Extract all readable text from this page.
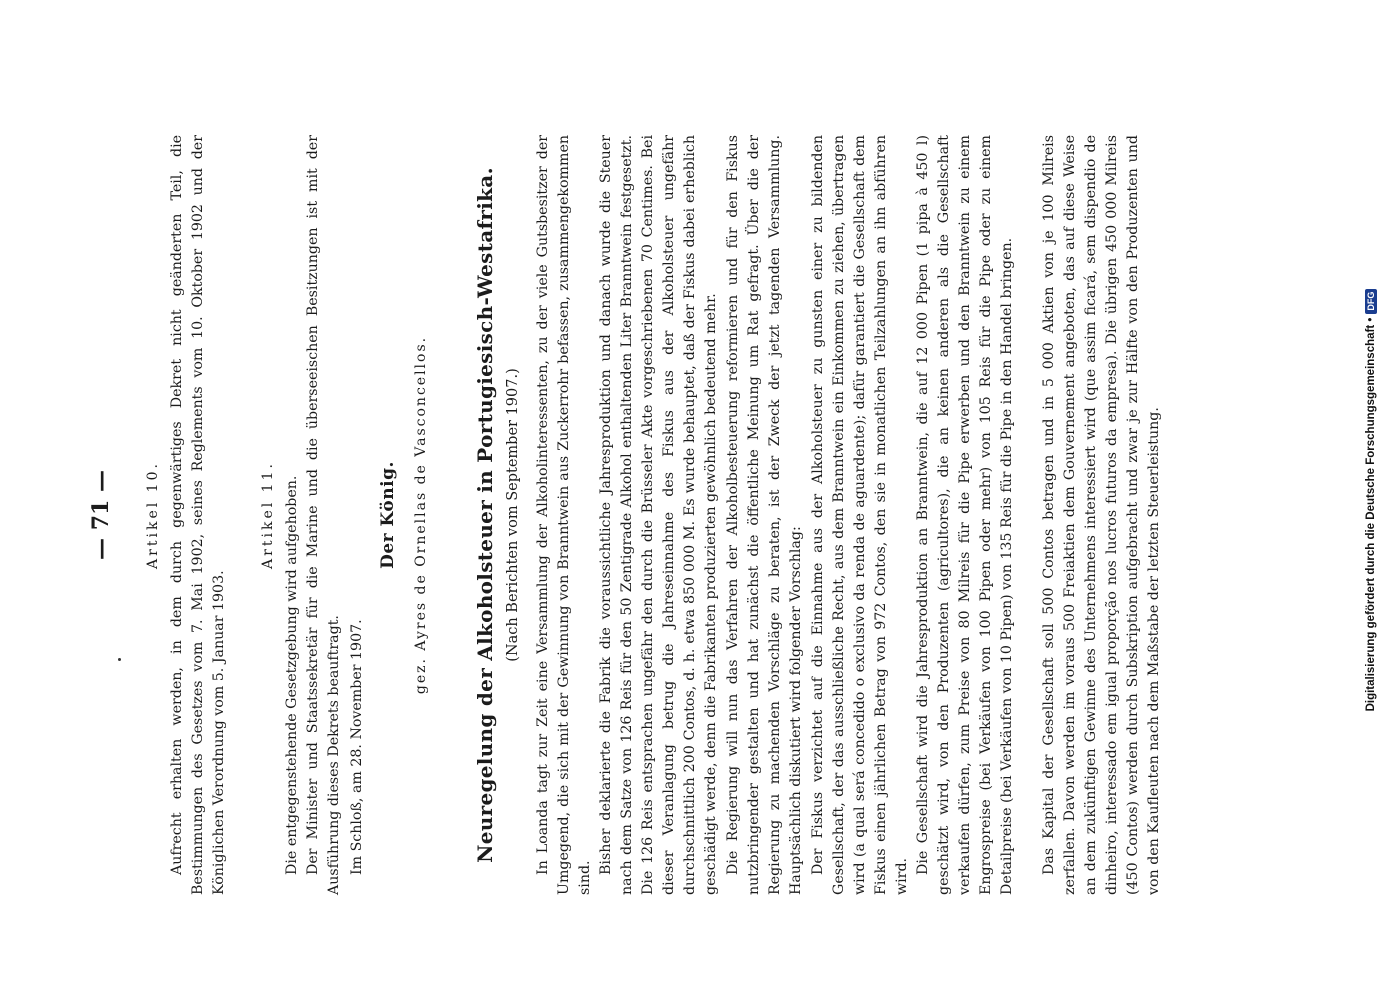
— 71 — Artikel 10. Aufrecht erhalten werden, in dem durch gegenwärtiges Dekret nicht geänderten Teil, die Bestimmungen des Gesetzes vom 7. Mai 1902, seines Reglements vom 10. Oktober 1902 und der Königlichen Verordnung vom 5. Januar 1903.
Artikel 11. Die entgegenstehende Gesetzgebung wird aufgehoben. Der Minister und Staatssekretär für die Marine und die überseeischen Besitzungen ist mit der Ausführung dieses Dekrets beauftragt. Im Schloß, am 28. November 1907.
Der König. gez. Ayres de Ornellas de Vasconcellos. Neuregelung der Alkoholsteuer in Portugiesisch-Westafrika. (Nach Berichten vom September 1907.) In Loanda tagt zur Zeit eine Versammlung der Alkoholinteressenten, zu der viele Gutsbesitzer der Umgegend, die sich mit der Gewinnung von Branntwein aus Zuckerrohr befassen, zusammengekommen sind.
Bisher deklarierte die Fabrik die voraussichtliche Jahresproduktion und danach wurde die Steuer nach dem Satze von 126 Reis für den 50 Zentigrade Alkohol enthaltenden Liter Branntwein festgesetzt. Die 126 Reis entsprachen ungefähr den durch die Brüsseler Akte vorgeschriebenen 70 Centimes. Bei dieser Veranlagung betrug die Jahreseinnahme des Fiskus aus der Alkoholsteuer ungefähr durchschnittlich 200 Contos, d. h. etwa 850 000 M. Es wurde behauptet, daß der Fiskus dabei erheblich geschädigt werde, denn die Fabrikanten produzierten gewöhnlich bedeutend mehr. Die Regierung will nun das Verfahren der Alkoholbesteuerung reformieren und für den Fiskus nutzbringender gestalten und hat zunächst die öffentliche Meinung um Rat gefragt. Über die der Regierung zu machenden Vorschläge zu beraten, ist der Zweck der jetzt tagenden Versammlung. Hauptsächlich diskutiert wird folgender Vorschlag: Der Fiskus verzichtet auf die Einnahme aus der Alkoholsteuer zu gunsten einer zu bildenden Gesellschaft, der das ausschließliche Recht, aus dem Branntwein ein Einkommen zu ziehen, übertragen wird (a qual será concedido o exclusivo da renda de aguardente); dafür garantiert die Gesellschaft dem Fiskus einen jährlichen Betrag von 972 Contos, den sie in monatlichen Teilzahlungen an ihn abführen wird.
Die Gesellschaft wird die Jahresproduktion an Branntwein, die auf 12 000 Pipen (1 pipa à 450 l) geschätzt wird, von den Produzenten (agricultores), die an keinen anderen als die Gesellschaft verkaufen dürfen, zum Preise von 80 Milreis für die Pipe erwerben und den Branntwein zu einem Engrospreise (bei Verkäufen von 100 Pipen oder mehr) von 105 Reis für die Pipe oder zu einem Detailpreise (bei Verkäufen von 10 Pipen) von 135 Reis für die Pipe in den Handel bringen. Das Kapital der Gesellschaft soll 500 Contos betragen und in 5 000 Aktien von je 100 Milreis zerfallen. Davon werden im voraus 500 Freiaktien dem Gouvernement angeboten, das auf diese Weise an dem zukünftigen Gewinne des Unternehmens interessiert wird (que assim ficará, sem dispendio de dinheiro, interessado em igual proporção nos lucros futuros da empresa). Die übrigen 450 000 Milreis (450 Contos) werden durch Subskription aufgebracht und zwar je zur Hälfte von den Produzenten und von den Kaufleuten nach dem Maßstabe der letzten Steuerleistung.	Digitalisierung gefördert durch die Deutsche Forschungsgemeinschaft •
DFG
